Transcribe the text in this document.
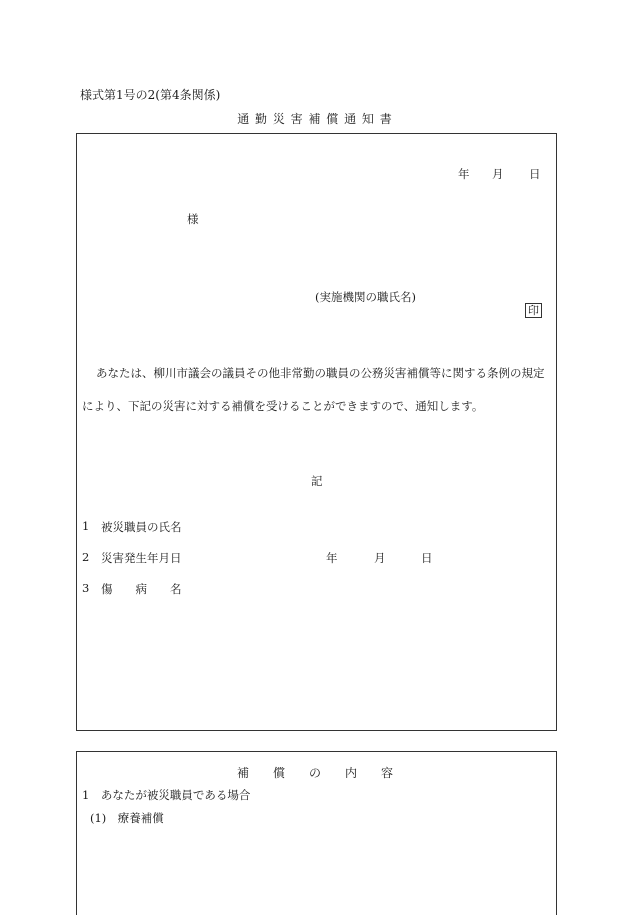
様式第1号の2(第4条関係)
通 勤 災 害 補 償 通 知 書
年 月 日
様
(実施機関の職氏名)
印
あなたは、柳川市議会の議員その他非常勤の職員の公務災害補償等に関する条例の規定
により、下記の災害に対する補償を受けることができますので、通知します。
記
1 被災職員の氏名
2 災害発生年月日	年	月	日
3 傷　　病　　名
補　　償　　の　　内　　容
1　あなたが被災職員である場合
(1)　療養補償
